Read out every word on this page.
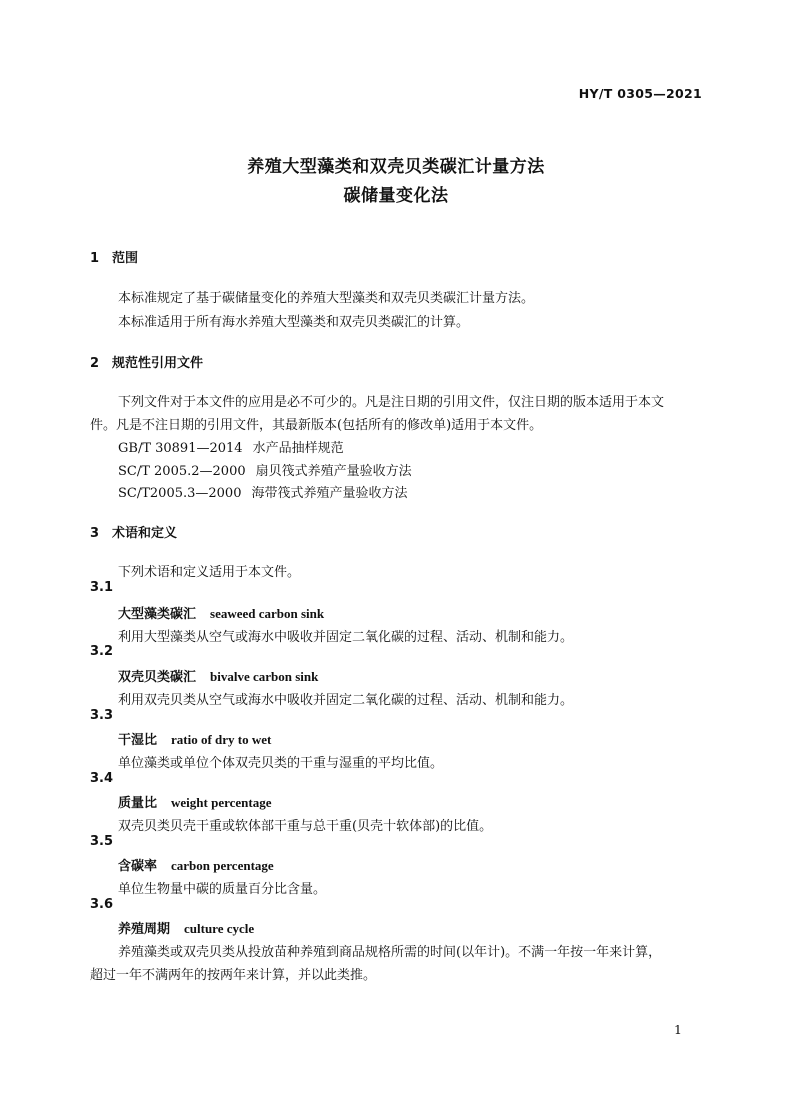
HY/T 0305—2021
养殖大型藻类和双壳贝类碳汇计量方法
碳储量变化法
1 范围
本标准规定了基于碳储量变化的养殖大型藻类和双壳贝类碳汇计量方法。
本标准适用于所有海水养殖大型藻类和双壳贝类碳汇的计算。
2 规范性引用文件
下列文件对于本文件的应用是必不可少的。凡是注日期的引用文件，仅注日期的版本适用于本文
件。凡是不注日期的引用文件，其最新版本(包括所有的修改单)适用于本文件。
GB/T 30891—2014 水产品抽样规范
SC/T 2005.2—2000 扇贝筏式养殖产量验收方法
SC/T2005.3—2000 海带筏式养殖产量验收方法
3 术语和定义
下列术语和定义适用于本文件。
3.1
大型藻类碳汇 seaweed carbon sink
利用大型藻类从空气或海水中吸收并固定二氧化碳的过程、活动、机制和能力。
3.2
双壳贝类碳汇 bivalve carbon sink
利用双壳贝类从空气或海水中吸收并固定二氧化碳的过程、活动、机制和能力。
3.3
干湿比 ratio of dry to wet
单位藻类或单位个体双壳贝类的干重与湿重的平均比值。
3.4
质量比 weight percentage
双壳贝类贝壳干重或软体部干重与总干重(贝壳十软体部)的比值。
3.5
含碳率 carbon percentage
单位生物量中碳的质量百分比含量。
3.6
养殖周期 culture cycle
养殖藻类或双壳贝类从投放苗种养殖到商品规格所需的时间(以年计)。不满一年按一年来计算，
超过一年不满两年的按两年来计算，并以此类推。
1
